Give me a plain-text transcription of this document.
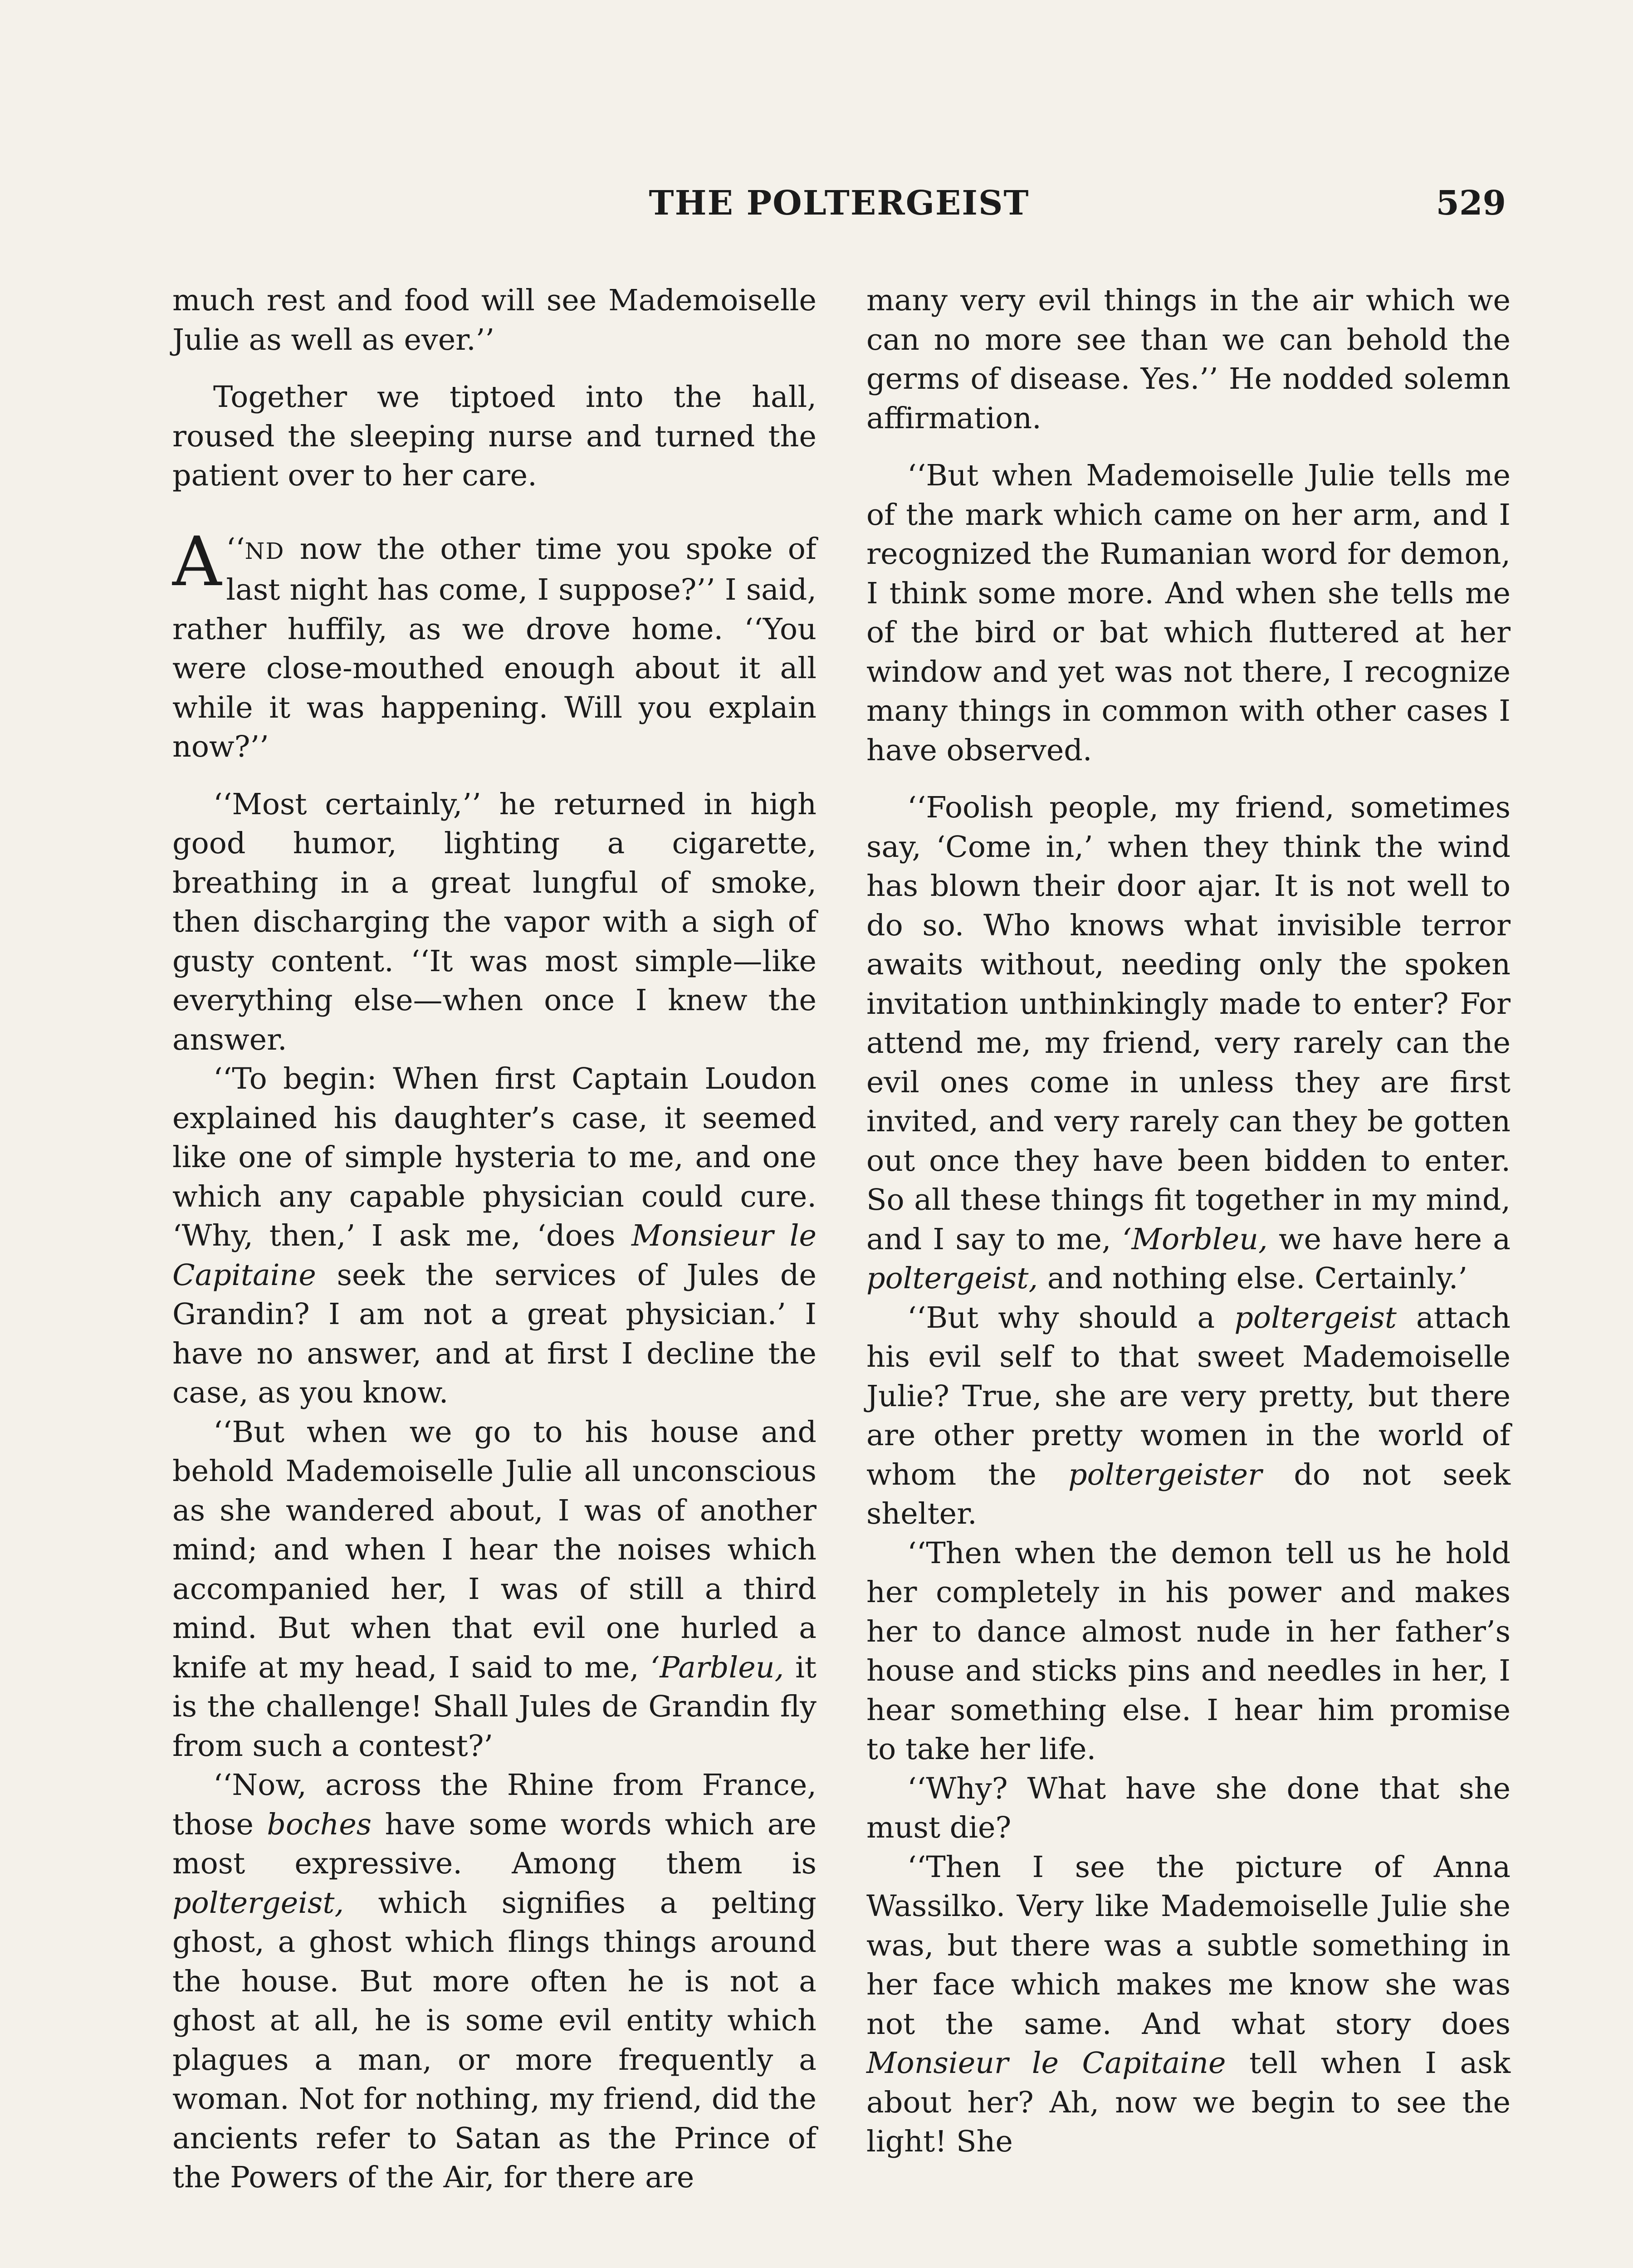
THE POLTERGEIST	529

much rest and food will see Mademoiselle Julie as well as ever.’’

Together we tiptoed into the hall, roused the sleeping nurse and turned the patient over to her care.

‘‘
A ND now the other time you spoke of last night has come, I suppose?’’ I said, rather huffily, as we drove home. ‘‘You were close-mouthed enough about it all while it was happening. Will you explain now?’’

‘‘Most certainly,’’ he returned in high good humor, lighting a cigarette, breathing in a great lungful of smoke, then discharging the vapor with a sigh of gusty content. ‘‘It was most simple—like everything else—when once I knew the answer.

‘‘To begin: When first Captain Loudon explained his daughter’s case, it seemed like one of simple hysteria to me, and one which any capable physician could cure. ‘Why, then,’ I ask me, ‘does Monsieur le Capitaine seek the services of Jules de Grandin? I am not a great physician.’ I have no answer, and at first I decline the case, as you know.

‘‘But when we go to his house and behold Mademoiselle Julie all unconscious as she wandered about, I was of another mind; and when I hear the noises which accompanied her, I was of still a third mind. But when that evil one hurled a knife at my head, I said to me, ‘Parbleu, it is the challenge! Shall Jules de Grandin fly from such a contest?’

‘‘Now, across the Rhine from France, those boches have some words which are most expressive. Among them is poltergeist, which signifies a pelting ghost, a ghost which flings things around the house. But more often he is not a ghost at all, he is some evil entity which plagues a man, or more frequently a woman. Not for nothing, my friend, did the ancients refer to Satan as the Prince of the Powers of the Air, for there are

many very evil things in the air which we can no more see than we can behold the germs of disease. Yes.’’ He nodded solemn affirmation.

‘‘But when Mademoiselle Julie tells me of the mark which came on her arm, and I recognized the Rumanian word for demon, I think some more. And when she tells me of the bird or bat which fluttered at her window and yet was not there, I recognize many things in common with other cases I have observed.

‘‘Foolish people, my friend, sometimes say, ‘Come in,’ when they think the wind has blown their door ajar. It is not well to do so. Who knows what invisible terror awaits without, needing only the spoken invitation unthinkingly made to enter? For attend me, my friend, very rarely can the evil ones come in unless they are first invited, and very rarely can they be gotten out once they have been bidden to enter. So all these things fit together in my mind, and I say to me, ‘Morbleu, we have here a poltergeist, and nothing else. Certainly.’

‘‘But why should a poltergeist attach his evil self to that sweet Mademoiselle Julie? True, she are very pretty, but there are other pretty women in the world of whom the poltergeister do not seek shelter.

‘‘Then when the demon tell us he hold her completely in his power and makes her to dance almost nude in her father’s house and sticks pins and needles in her, I hear something else. I hear him promise to take her life.

‘‘Why? What have she done that she must die?

‘‘Then I see the picture of Anna Wassilko. Very like Mademoiselle Julie she was, but there was a subtle something in her face which makes me know she was not the same. And what story does Monsieur le Capitaine tell when I ask about her? Ah, now we begin to see the light! She
